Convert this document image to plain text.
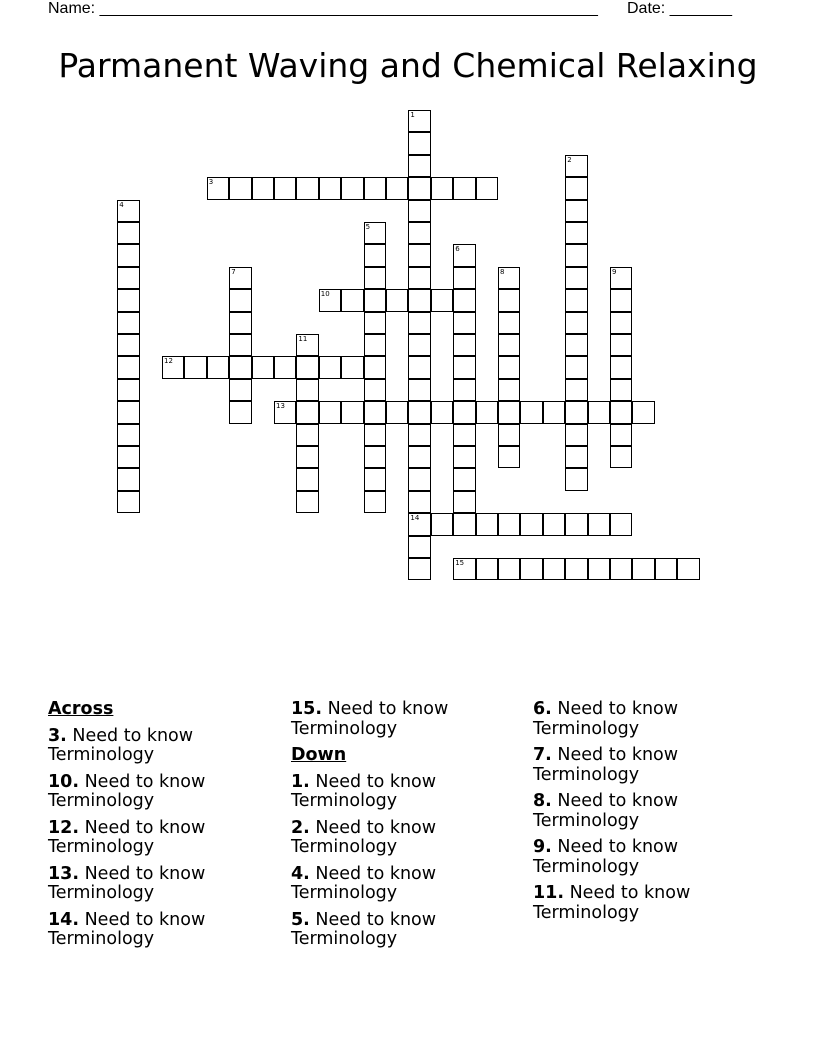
Name: ________________________________________________________ Date: _______
Parmanent Waving and Chemical Relaxing
1
14
2
3
4
5
6
7	8	9
10
11
12
13
15
Across
3. Need to know Terminology
10. Need to know Terminology
12. Need to know Terminology
13. Need to know Terminology
14. Need to know Terminology
15. Need to know Terminology
Down
1. Need to know Terminology
2. Need to know Terminology
4. Need to know Terminology
5. Need to know Terminology
6. Need to know Terminology
7. Need to know Terminology
8. Need to know Terminology
9. Need to know Terminology
11. Need to know Terminology
